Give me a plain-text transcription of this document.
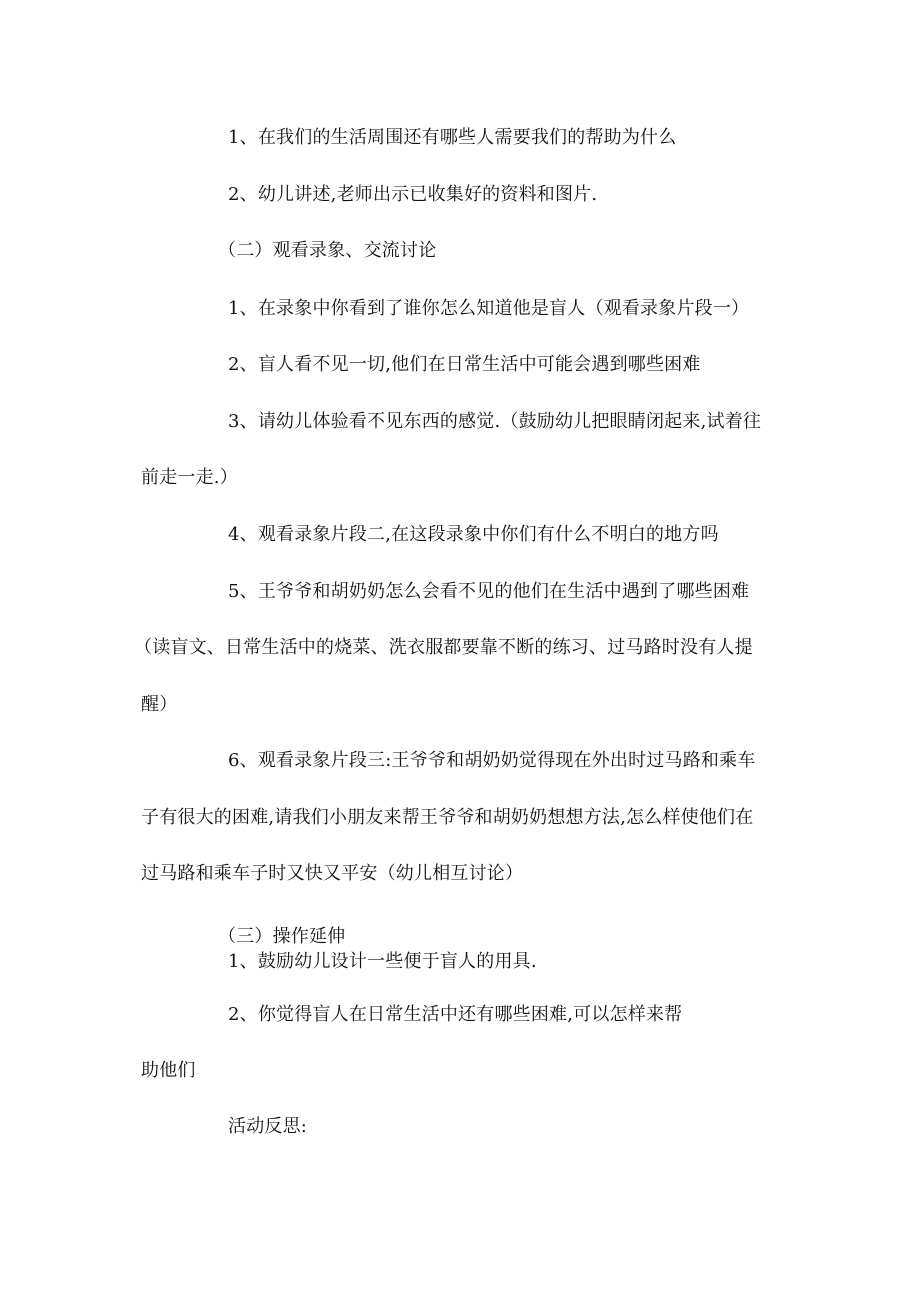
1、在我们的生活周围还有哪些人需要我们的帮助为什么

2、幼儿讲述,老师出示已收集好的资料和图片.

（二）观看录象、交流讨论

1、在录象中你看到了谁你怎么知道他是盲人（观看录象片段一）

2、盲人看不见一切,他们在日常生活中可能会遇到哪些困难

3、请幼儿体验看不见东西的感觉.（鼓励幼儿把眼睛闭起来,试着往

前走一走.）

4、观看录象片段二,在这段录象中你们有什么不明白的地方吗

5、王爷爷和胡奶奶怎么会看不见的他们在生活中遇到了哪些困难

（读盲文、日常生活中的烧菜、洗衣服都要靠不断的练习、过马路时没有人提

醒）

6、观看录象片段三:王爷爷和胡奶奶觉得现在外出时过马路和乘车

子有很大的困难,请我们小朋友来帮王爷爷和胡奶奶想想方法,怎么样使他们在

过马路和乘车子时又快又平安（幼儿相互讨论）

（三）操作延伸

1、鼓励幼儿设计一些便于盲人的用具.

2、你觉得盲人在日常生活中还有哪些困难,可以怎样来帮

助他们

活动反思:
